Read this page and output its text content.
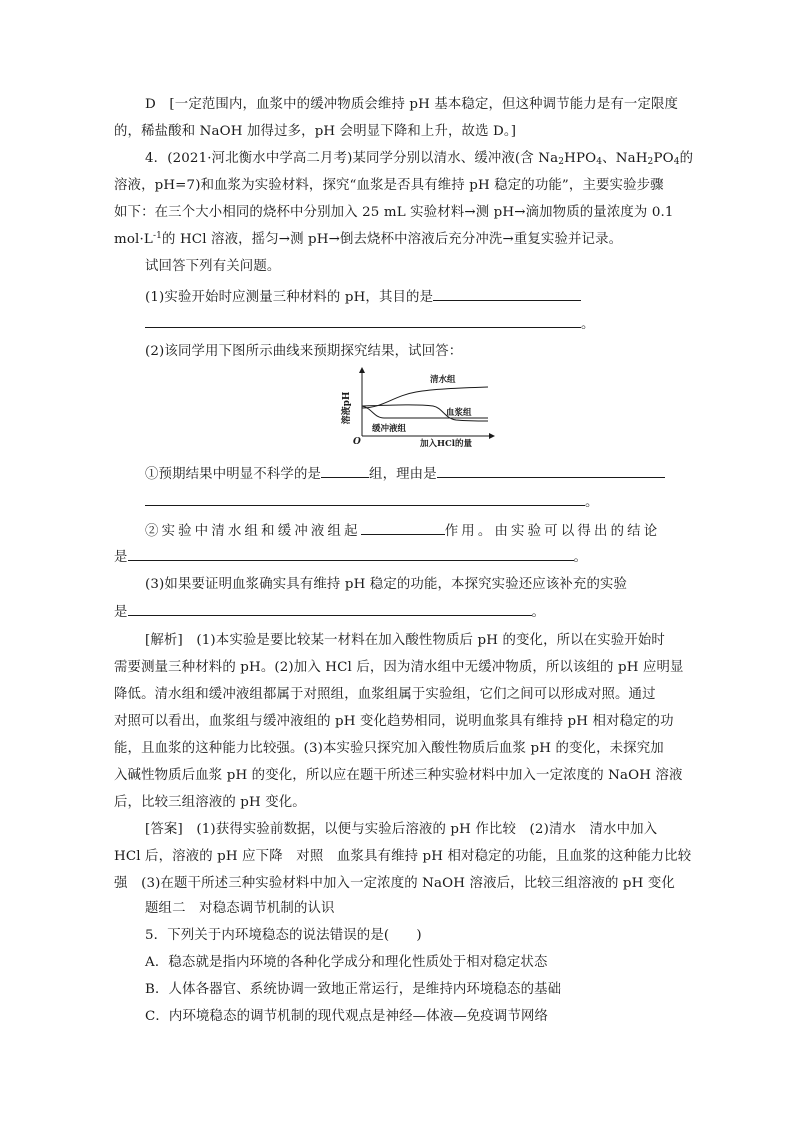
D　[一定范围内，血浆中的缓冲物质会维持 pH 基本稳定，但这种调节能力是有一定限度
的，稀盐酸和 NaOH 加得过多，pH 会明显下降和上升，故选 D。]
4．(2021·河北衡水中学高二月考)某同学分别以清水、缓冲液(含 $Na_2HPO_4$、$NaH_2PO_4$的
溶液，pH=7)和血浆为实验材料，探究“血浆是否具有维持 pH 稳定的功能”，主要实验步骤
如下：在三个大小相同的烧杯中分别加入 25 mL 实验材料→测 pH→滴加物质的量浓度为 0.1
$mol\cdot L^{-1}$的 HCl 溶液，摇匀→测 pH→倒去烧杯中溶液后充分冲洗→重复实验并记录。
试回答下列有关问题。
(1)实验开始时应测量三种材料的 pH，其目的是
。
(2)该同学用下图所示曲线来预期探究结果，试回答：
溶液pH
O	加入HCl的量
清水组
血浆组
缓冲液组
①预期结果中明显不科学的是	组，理由是
。
②实验中清水组和缓冲液组起	作用。由实验可以得出的结论
是	。
(3)如果要证明血浆确实具有维持 pH 稳定的功能，本探究实验还应该补充的实验
是	。
[解析]　 (1)本实验是要比较某一材料在加入酸性物质后 pH 的变化，所以在实验开始时
需要测量三种材料的 pH。(2)加入 HCl 后，因为清水组中无缓冲物质，所以该组的 pH 应明显
降低。清水组和缓冲液组都属于对照组，血浆组属于实验组，它们之间可以形成对照。通过
对照可以看出，血浆组与缓冲液组的 pH 变化趋势相同，说明血浆具有维持 pH 相对稳定的功
能，且血浆的这种能力比较强。(3)本实验只探究加入酸性物质后血浆 pH 的变化，未探究加
入碱性物质后血浆 pH 的变化，所以应在题干所述三种实验材料中加入一定浓度的 NaOH 溶液
后，比较三组溶液的 pH 变化。
[答案]　 (1)获得实验前数据，以便与实验后溶液的 pH 作比较　(2)清水　清水中加入
HCl 后，溶液的 pH 应下降　对照　血浆具有维持 pH 相对稳定的功能，且血浆的这种能力比较
强　(3)在题干所述三种实验材料中加入一定浓度的 NaOH 溶液后，比较三组溶液的 pH 变化
题组二　对稳态调节机制的认识
5．下列关于内环境稳态的说法错误的是(　　)
A．稳态就是指内环境的各种化学成分和理化性质处于相对稳定状态
B．人体各器官、系统协调一致地正常运行，是维持内环境稳态的基础
C．内环境稳态的调节机制的现代观点是神经—体液—免疫调节网络
